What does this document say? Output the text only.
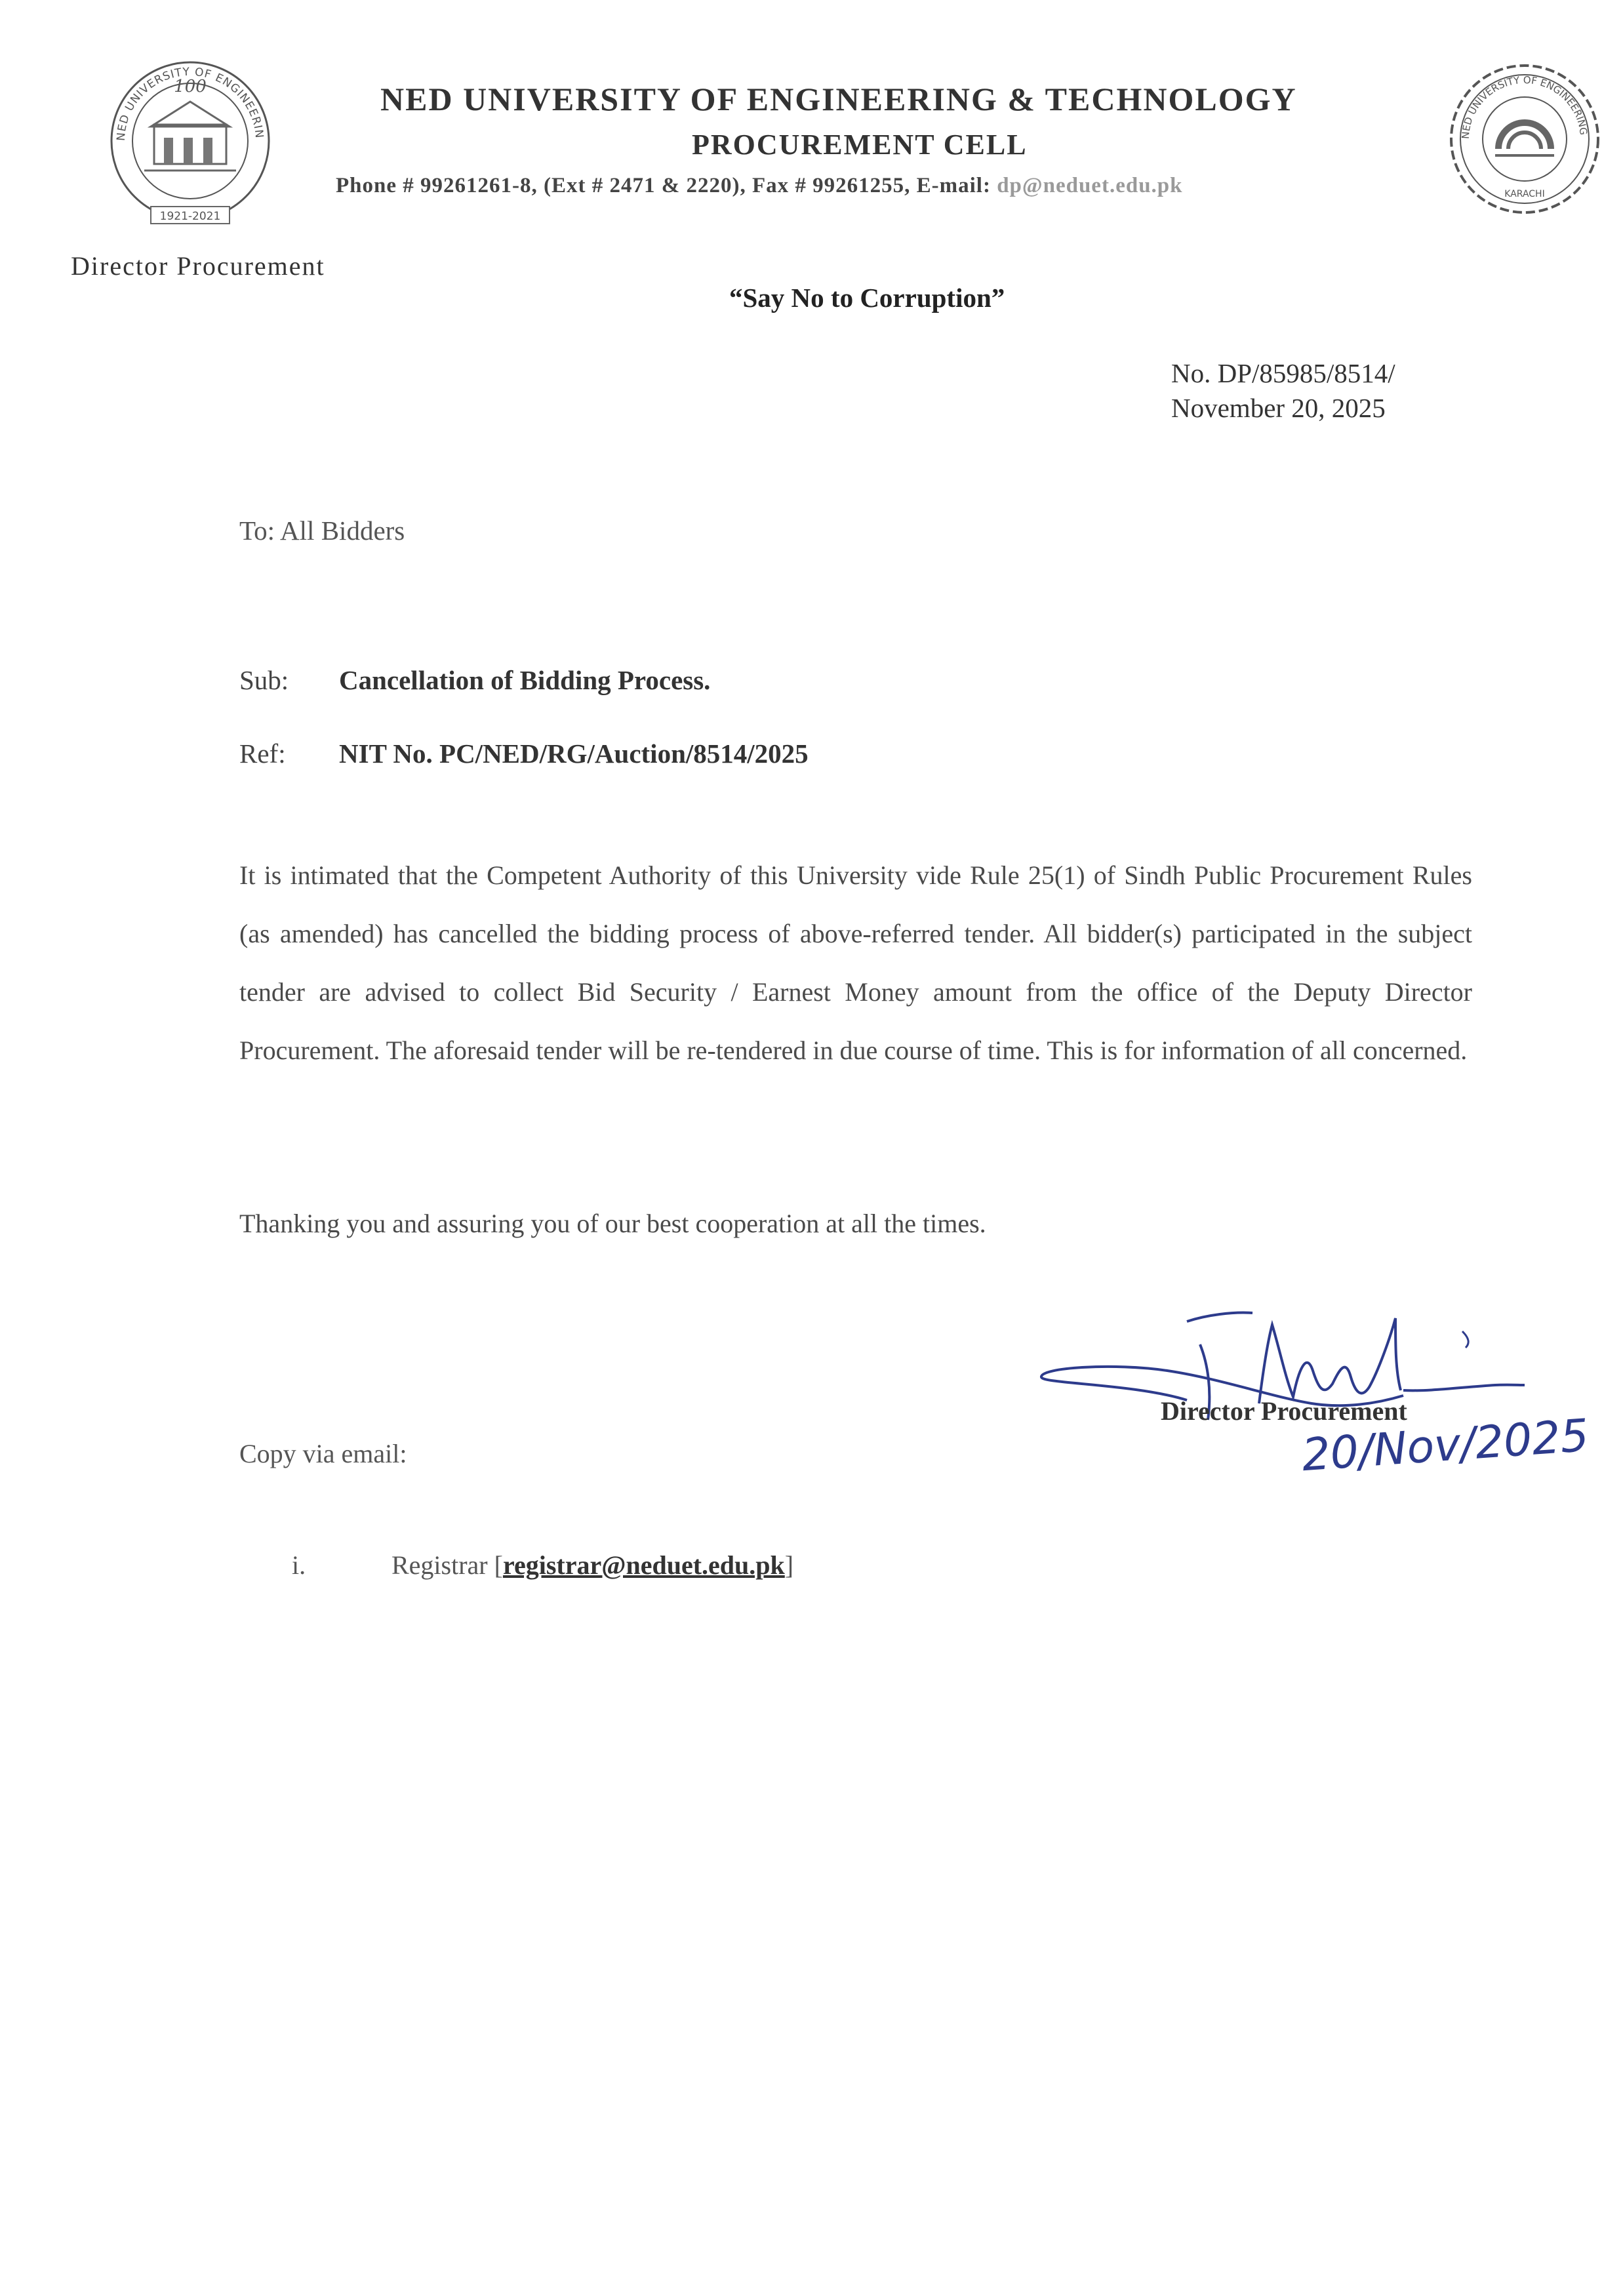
NED UNIVERSITY OF ENGINEERIN
100
1921-2021
NED UNIVERSITY OF ENGINEERING
KARACHI
NED UNIVERSITY OF ENGINEERING & TECHNOLOGY
PROCUREMENT CELL
Phone # 99261261-8, (Ext # 2471 & 2220), Fax # 99261255, E-mail: dp@neduet.edu.pk
Director Procurement
“Say No to Corruption”
No. DP/85985/8514/
November 20, 2025
To: All Bidders
Sub: Cancellation of Bidding Process.
Ref: NIT No. PC/NED/RG/Auction/8514/2025
It is intimated that the Competent Authority of this University vide Rule 25(1) of Sindh Public Procurement Rules (as amended) has cancelled the bidding process of above-referred tender. All bidder(s) participated in the subject tender are advised to collect Bid Security / Earnest Money amount from the office of the Deputy Director Procurement. The aforesaid tender will be re-tendered in due course of time. This is for information of all concerned.
Thanking you and assuring you of our best cooperation at all the times.
Director Procurement
20/Nov/2025
Copy via email:
i.	Registrar [registrar@neduet.edu.pk]
